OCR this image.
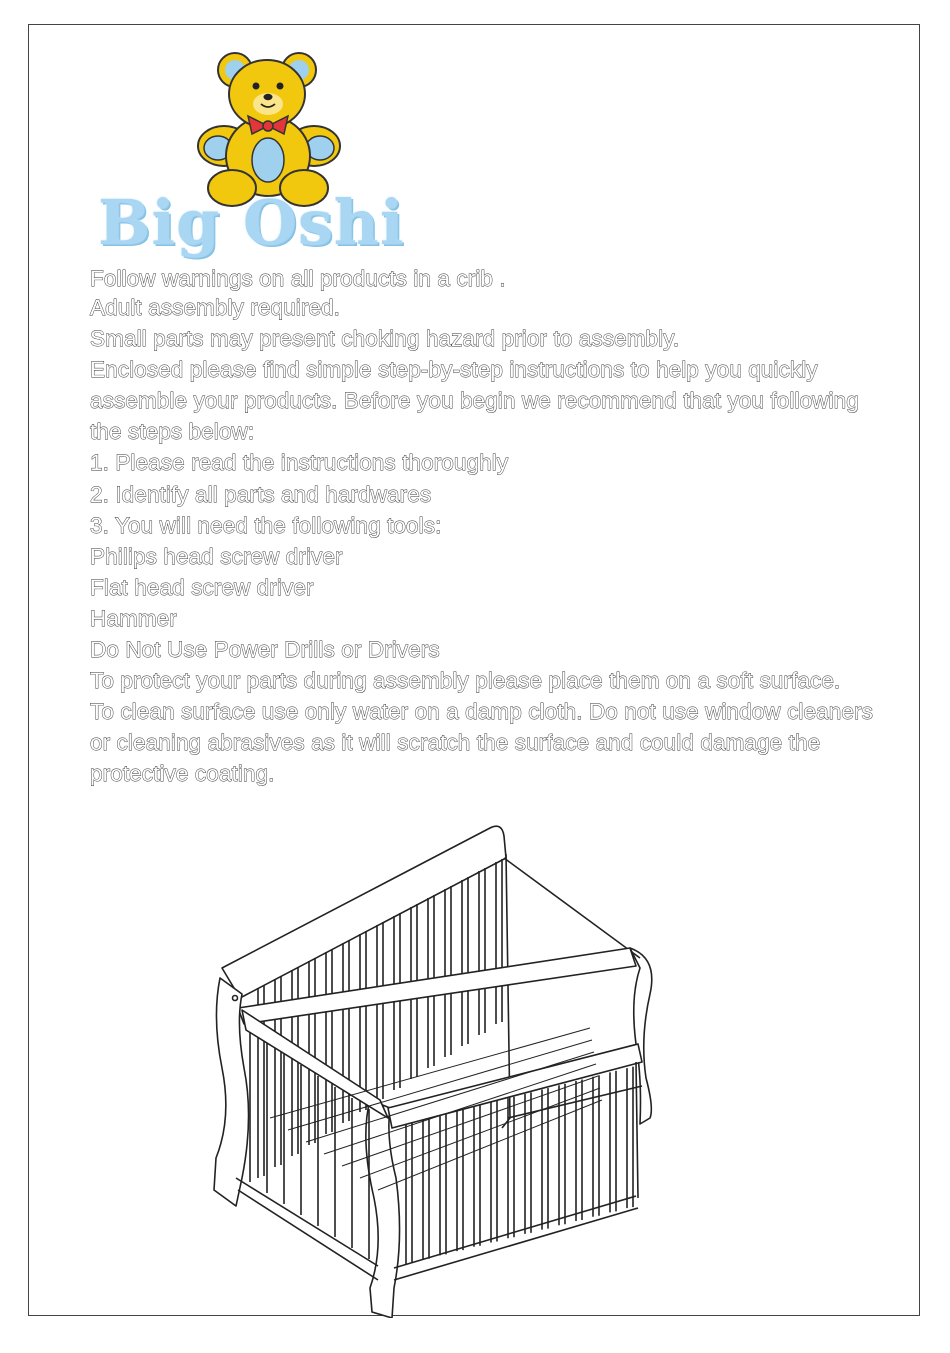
Big Oshi
Follow warnings on all products in a crib .
Adult assembly required.
Small parts may present choking hazard prior to assembly.
Enclosed please find simple step-by-step instructions to help you quickly assemble your products. Before you begin we recommend that you following the steps below:
1. Please read the instructions thoroughly
2. Identify all parts and hardwares
3. You will need the following tools:
Philips head screw driver
Flat head screw driver
Hammer
Do Not Use Power Drills or Drivers
To protect your parts during assembly please place them on a soft surface.
To clean surface use only water on a damp cloth. Do not use window cleaners or cleaning abrasives as it will scratch the surface and could damage the protective coating.
